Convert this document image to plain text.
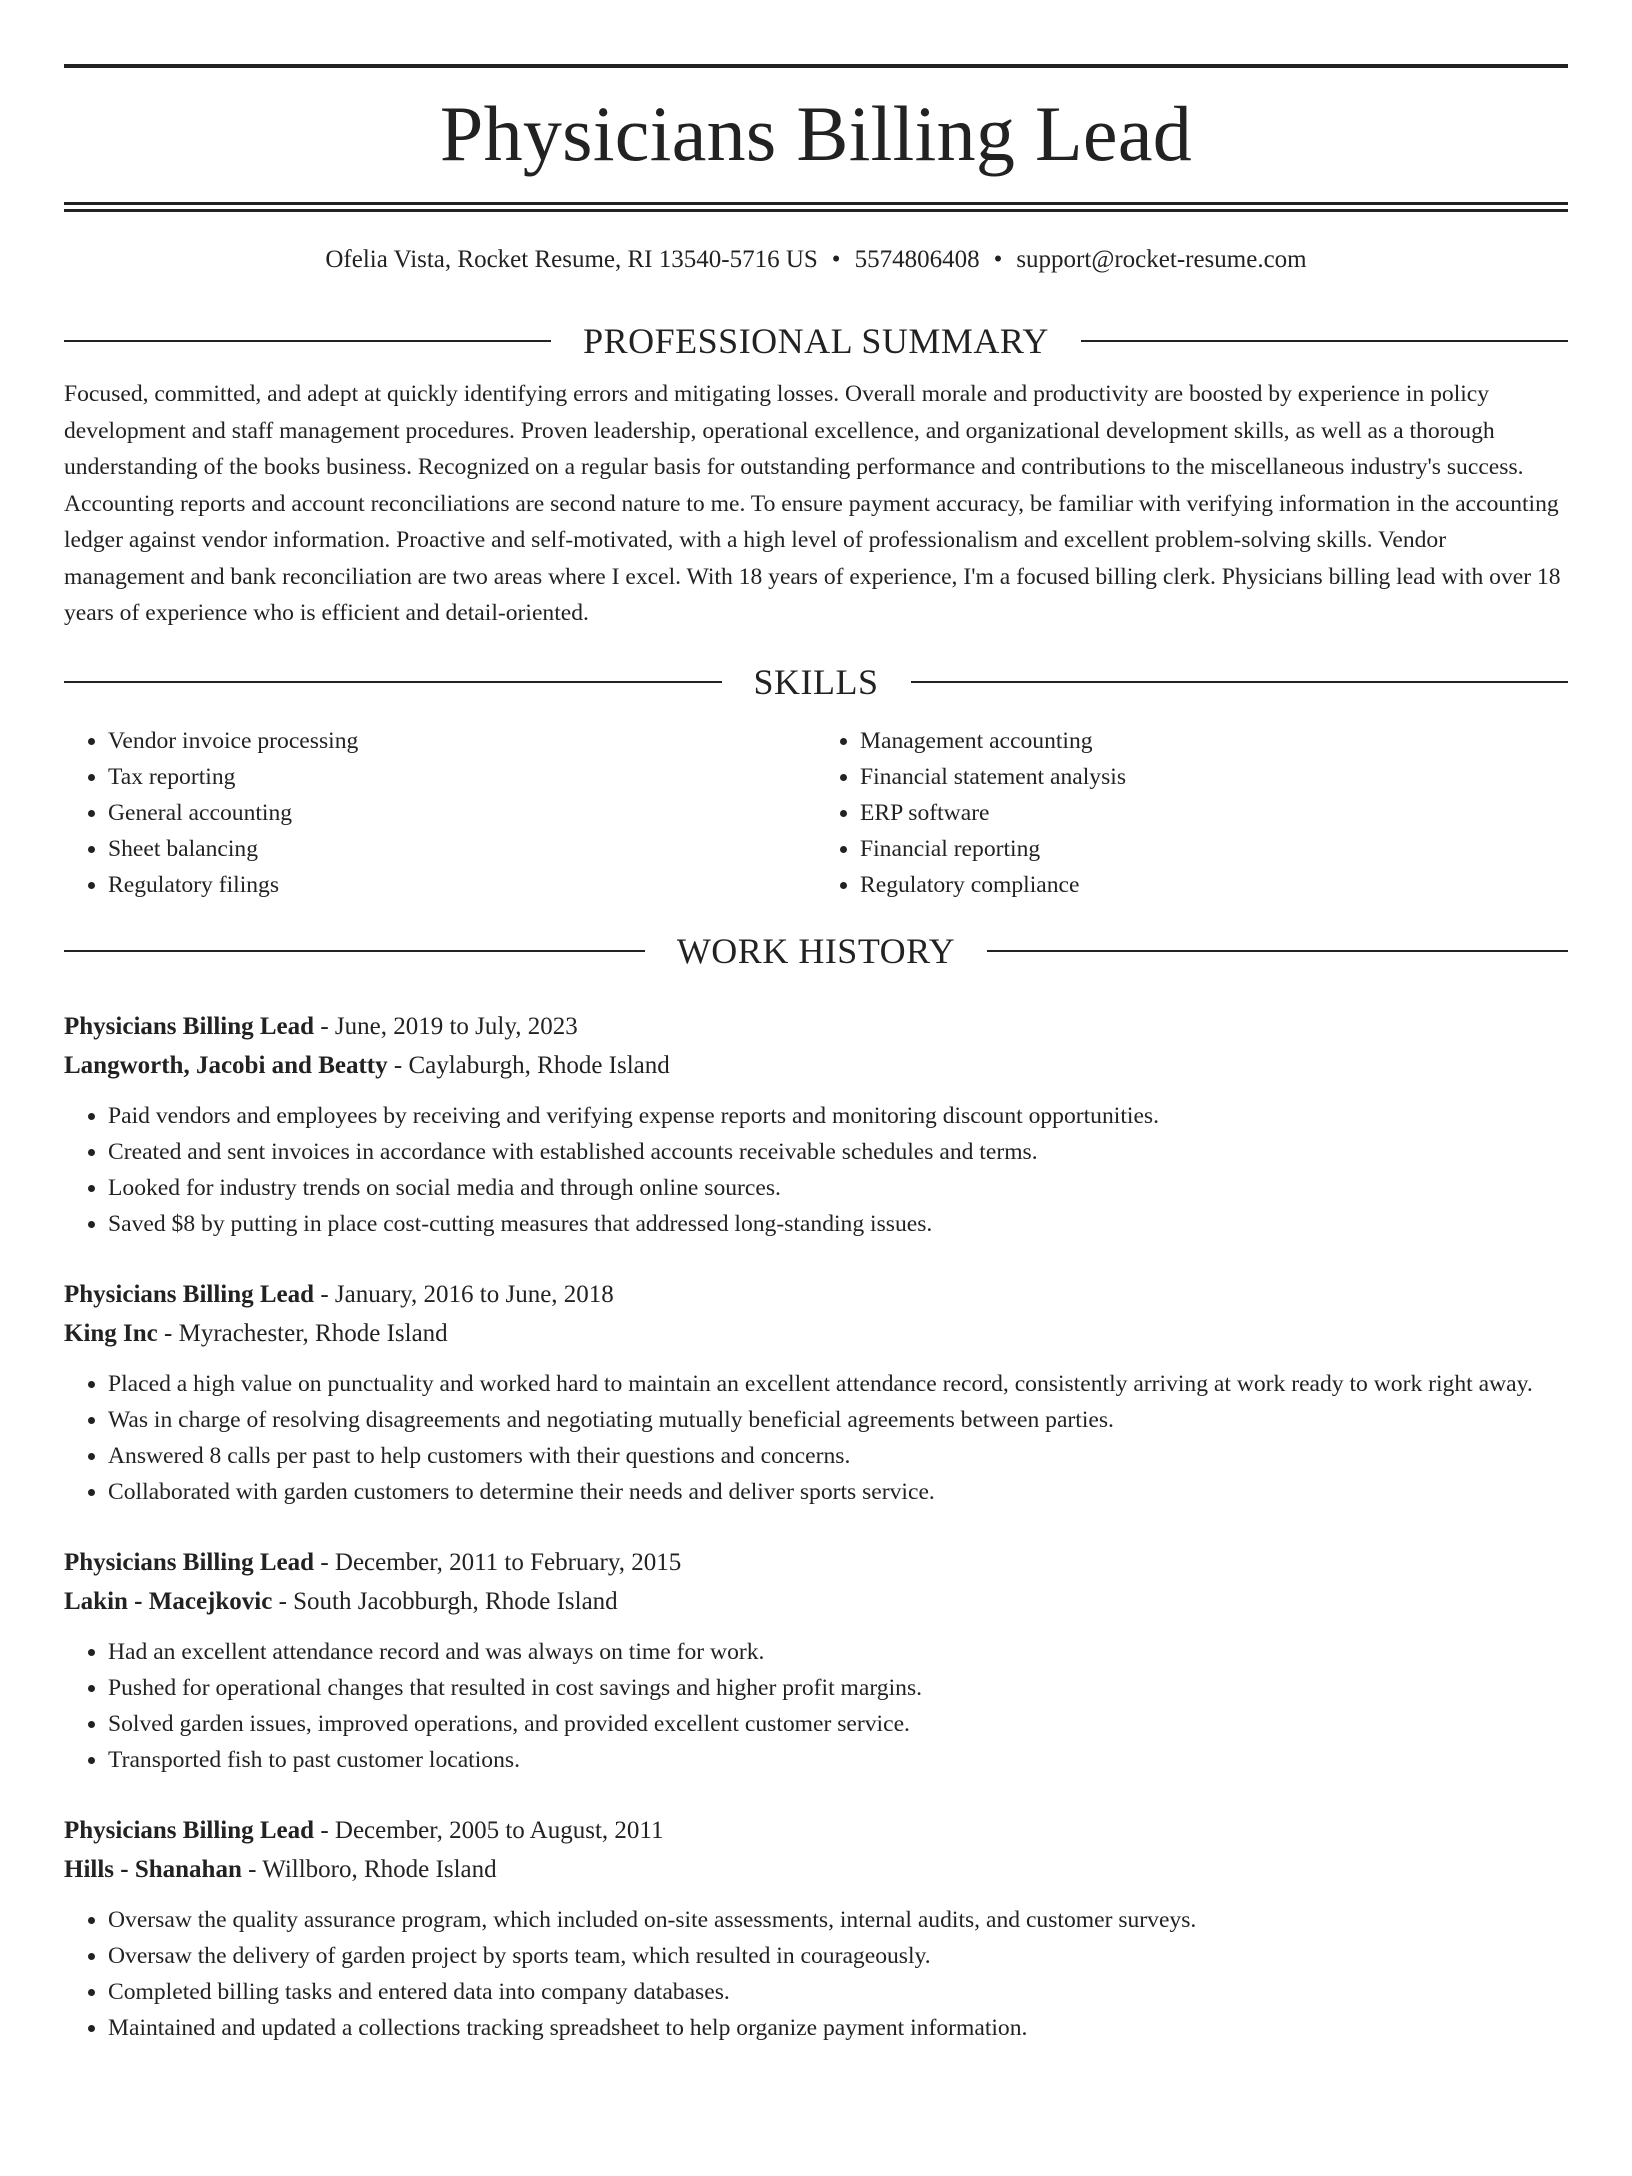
Physicians Billing Lead
Ofelia Vista, Rocket Resume, RI 13540-5716 US • 5574806408 • support@rocket-resume.com
PROFESSIONAL SUMMARY

Focused, committed, and adept at quickly identifying errors and mitigating losses. Overall morale and productivity are boosted by experience in policy development and staff management procedures. Proven leadership, operational excellence, and organizational development skills, as well as a thorough understanding of the books business. Recognized on a regular basis for outstanding performance and contributions to the miscellaneous industry's success. Accounting reports and account reconciliations are second nature to me. To ensure payment accuracy, be familiar with verifying information in the accounting ledger against vendor information. Proactive and self-motivated, with a high level of professionalism and excellent problem-solving skills. Vendor management and bank reconciliation are two areas where I excel. With 18 years of experience, I'm a focused billing clerk. Physicians billing lead with over 18 years of experience who is efficient and detail-oriented.

SKILLS
• Vendor invoice processing
• Tax reporting
• General accounting
• Sheet balancing
• Regulatory filings
• Management accounting
• Financial statement analysis
• ERP software
• Financial reporting
• Regulatory compliance
WORK HISTORY
Physicians Billing Lead - June, 2019 to July, 2023
Langworth, Jacobi and Beatty - Caylaburgh, Rhode Island
• Paid vendors and employees by receiving and verifying expense reports and monitoring discount opportunities.
• Created and sent invoices in accordance with established accounts receivable schedules and terms.
• Looked for industry trends on social media and through online sources.
• Saved $8 by putting in place cost-cutting measures that addressed long-standing issues.
Physicians Billing Lead - January, 2016 to June, 2018
King Inc - Myrachester, Rhode Island
• Placed a high value on punctuality and worked hard to maintain an excellent attendance record, consistently arriving at work ready to work right away.
• Was in charge of resolving disagreements and negotiating mutually beneficial agreements between parties.
• Answered 8 calls per past to help customers with their questions and concerns.
• Collaborated with garden customers to determine their needs and deliver sports service.
Physicians Billing Lead - December, 2011 to February, 2015
Lakin - Macejkovic - South Jacobburgh, Rhode Island
• Had an excellent attendance record and was always on time for work.
• Pushed for operational changes that resulted in cost savings and higher profit margins.
• Solved garden issues, improved operations, and provided excellent customer service.
• Transported fish to past customer locations.
Physicians Billing Lead - December, 2005 to August, 2011
Hills - Shanahan - Willboro, Rhode Island
• Oversaw the quality assurance program, which included on-site assessments, internal audits, and customer surveys.
• Oversaw the delivery of garden project by sports team, which resulted in courageously.
• Completed billing tasks and entered data into company databases.
• Maintained and updated a collections tracking spreadsheet to help organize payment information.
